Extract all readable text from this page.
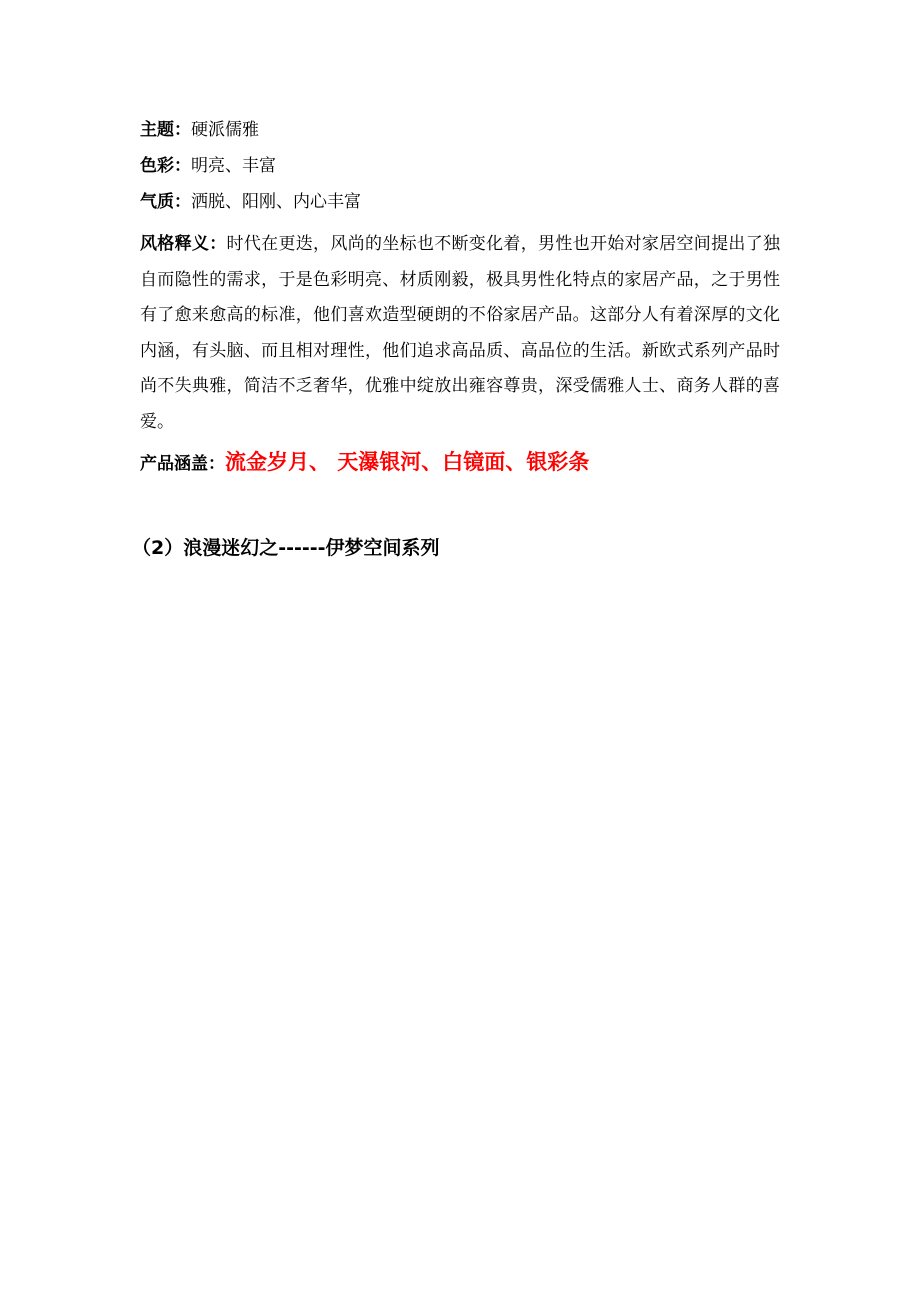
主题：硬派儒雅
色彩：明亮、丰富
气质：洒脱、阳刚、内心丰富
风格释义：时代在更迭，风尚的坐标也不断变化着，男性也开始对家居空间提出了独自而隐性的需求，于是色彩明亮、材质刚毅，极具男性化特点的家居产品，之于男性有了愈来愈高的标准，他们喜欢造型硬朗的不俗家居产品。这部分人有着深厚的文化内涵，有头脑、而且相对理性，他们追求高品质、高品位的生活。新欧式系列产品时尚不失典雅，简洁不乏奢华，优雅中绽放出雍容尊贵，深受儒雅人士、商务人群的喜爱。
产品涵盖：流金岁月、 天瀑银河、白镜面、银彩条
（2）浪漫迷幻之------伊梦空间系列
